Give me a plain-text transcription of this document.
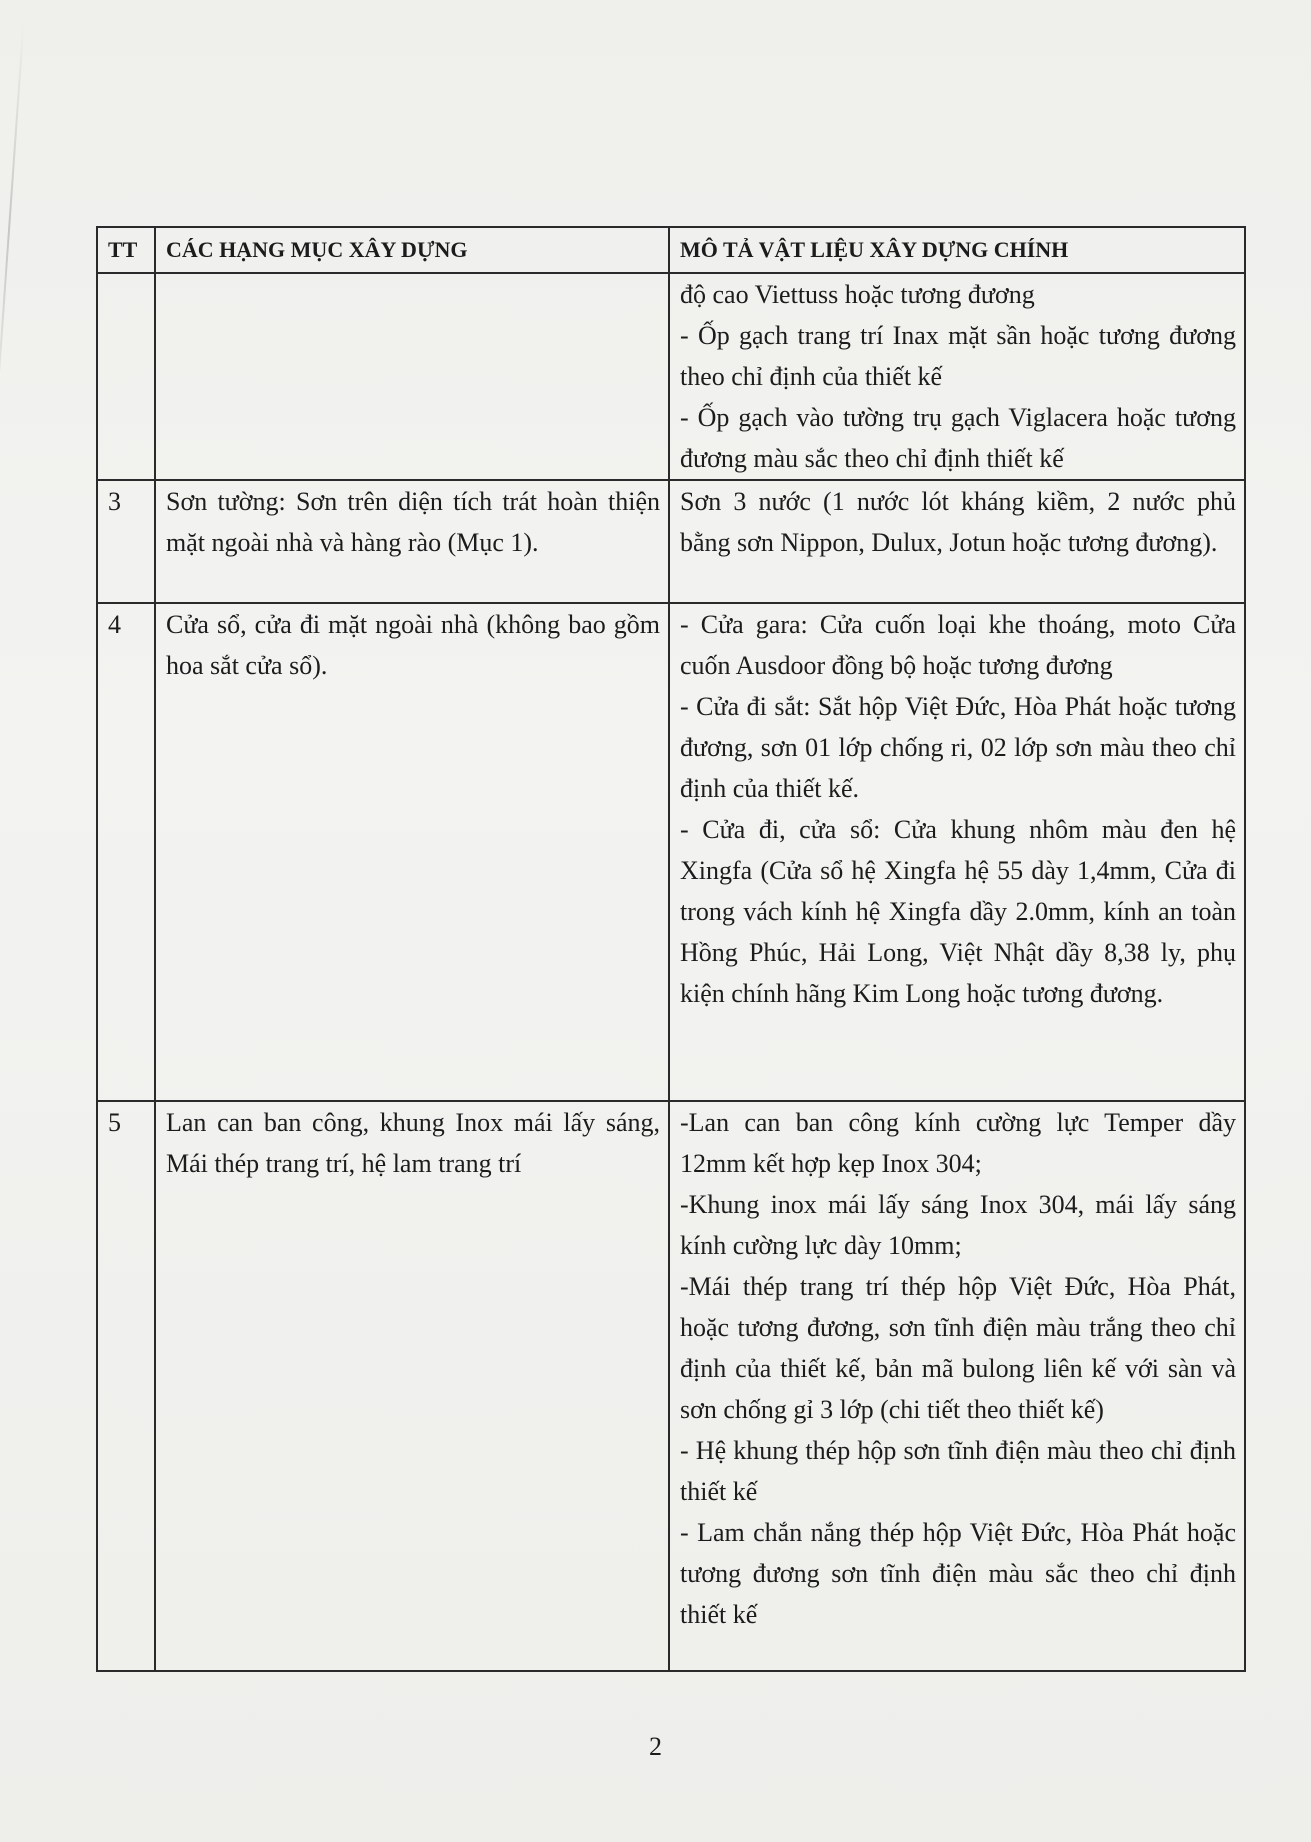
TT	CÁC HẠNG MỤC XÂY DỰNG	MÔ TẢ VẬT LIỆU XÂY DỰNG CHÍNH

		độ cao Viettuss hoặc tương đương
- Ốp gạch trang trí Inax mặt sần hoặc tương đương theo chỉ định của thiết kế
- Ốp gạch vào tường trụ gạch Viglacera hoặc tương đương màu sắc theo chỉ định thiết kế

3	Sơn tường: Sơn trên diện tích trát hoàn thiện mặt ngoài nhà và hàng rào (Mục 1).	Sơn 3 nước (1 nước lót kháng kiềm, 2 nước phủ bằng sơn Nippon, Dulux, Jotun hoặc tương đương).

4	Cửa sổ, cửa đi mặt ngoài nhà (không bao gồm hoa sắt cửa sổ).	- Cửa gara: Cửa cuốn loại khe thoáng, moto Cửa cuốn Ausdoor đồng bộ hoặc tương đương
- Cửa đi sắt: Sắt hộp Việt Đức, Hòa Phát hoặc tương đương, sơn 01 lớp chống ri, 02 lớp sơn màu theo chỉ định của thiết kế.
- Cửa đi, cửa sổ: Cửa khung nhôm màu đen hệ Xingfa (Cửa sổ hệ Xingfa hệ 55 dày 1,4mm, Cửa đi trong vách kính hệ Xingfa dầy 2.0mm, kính an toàn Hồng Phúc, Hải Long, Việt Nhật dầy 8,38 ly, phụ kiện chính hãng Kim Long hoặc tương đương.

5	Lan can ban công, khung Inox mái lấy sáng, Mái thép trang trí, hệ lam trang trí	-Lan can ban công kính cường lực Temper dầy 12mm kết hợp kẹp Inox 304;
-Khung inox mái lấy sáng Inox 304, mái lấy sáng kính cường lực dày 10mm;
-Mái thép trang trí thép hộp Việt Đức, Hòa Phát, hoặc tương đương, sơn tĩnh điện màu trắng theo chỉ định của thiết kế, bản mã bulong liên kế với sàn và sơn chống gỉ 3 lớp (chi tiết theo thiết kế)
- Hệ khung thép hộp sơn tĩnh điện màu theo chỉ định thiết kế
- Lam chắn nắng thép hộp Việt Đức, Hòa Phát hoặc tương đương sơn tĩnh điện màu sắc theo chỉ định thiết kế
2
